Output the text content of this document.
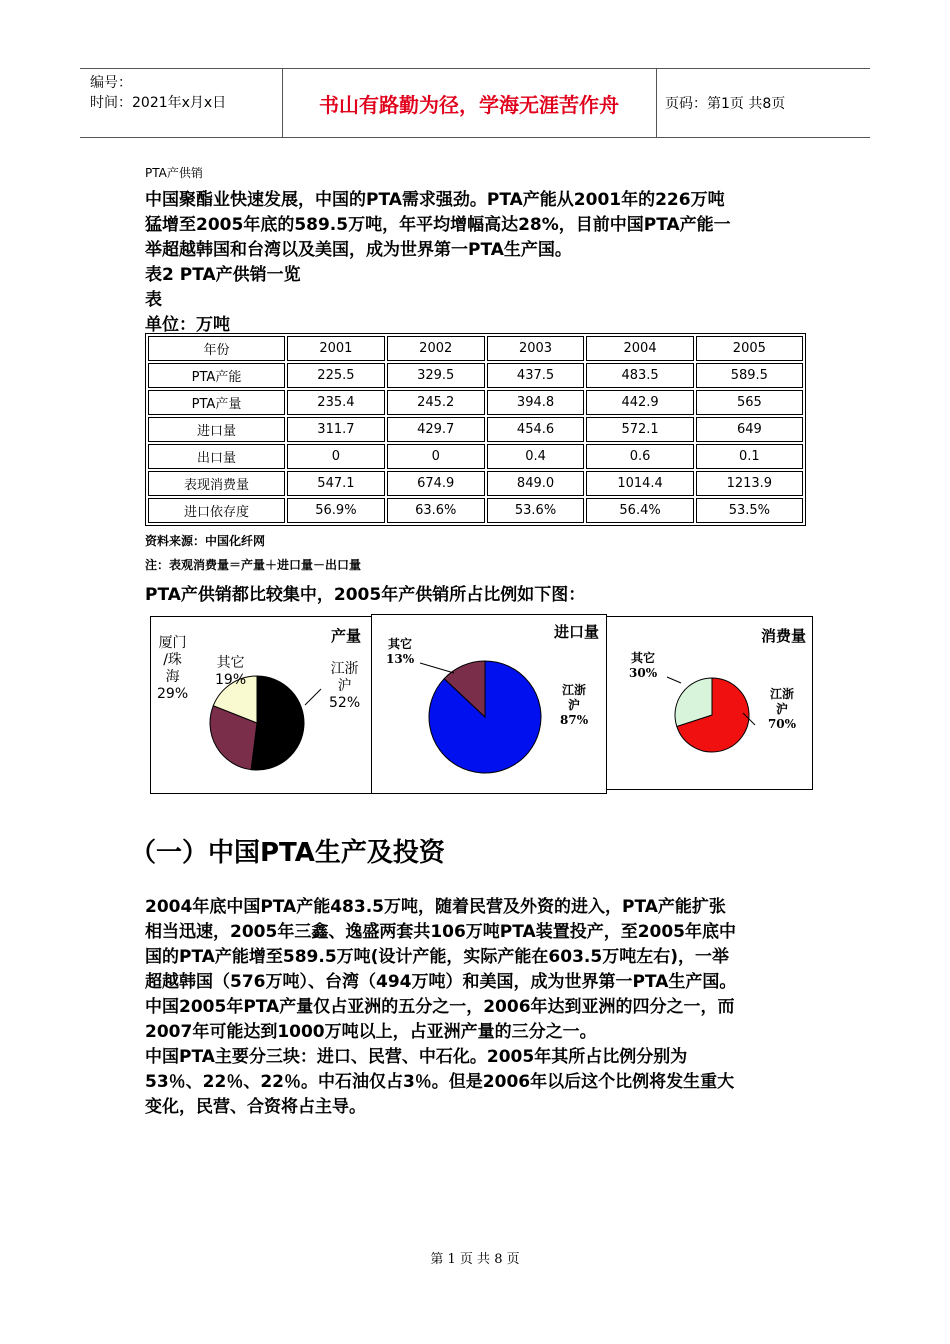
编号：
时间：2021年x月x日	书山有路勤为径，学海无涯苦作舟	页码：第1页 共8页
PTA产供销
中国聚酯业快速发展，中国的PTA需求强劲。PTA产能从2001年的226万吨
猛增至2005年底的589.5万吨，年平均增幅高达28%，目前中国PTA产能一
举超越韩国和台湾以及美国，成为世界第一PTA生产国。
表2 PTA产供销一览
表
单位：万吨
年份	2001	2002	2003	2004	2005
PTA产能	225.5	329.5	437.5	483.5	589.5
PTA产量	235.4	245.2	394.8	442.9	565
进口量	311.7	429.7	454.6	572.1	649
出口量	0	0	0.4	0.6	0.1
表现消费量	547.1	674.9	849.0	1014.4	1213.9
进口依存度	56.9%	63.6%	53.6%	56.4%	53.5%
资料来源：中国化纤网
注：表观消费量＝产量＋进口量－出口量
PTA产供销都比较集中，2005年产供销所占比例如下图：
产量
厦门
/珠
海
29%
其它
19%
江浙
沪
52%
进口量
其它
13%
江浙沪
87%
消费量
其它
30%
江浙沪
70%
（一）中国PTA生产及投资

2004年底中国PTA产能483.5万吨，随着民营及外资的进入，PTA产能扩张

相当迅速，2005年三鑫、逸盛两套共106万吨PTA装置投产，至2005年底中

国的PTA产能增至589.5万吨(设计产能，实际产能在603.5万吨左右)，一举

超越韩国（576万吨）、台湾（494万吨）和美国，成为世界第一PTA生产国。

中国2005年PTA产量仅占亚洲的五分之一，2006年达到亚洲的四分之一，而

2007年可能达到1000万吨以上，占亚洲产量的三分之一。

中国PTA主要分三块：进口、民营、中石化。2005年其所占比例分别为

53％、22％、22％。中石油仅占3％。但是2006年以后这个比例将发生重大

变化，民营、合资将占主导。

第 1 页 共 8 页
